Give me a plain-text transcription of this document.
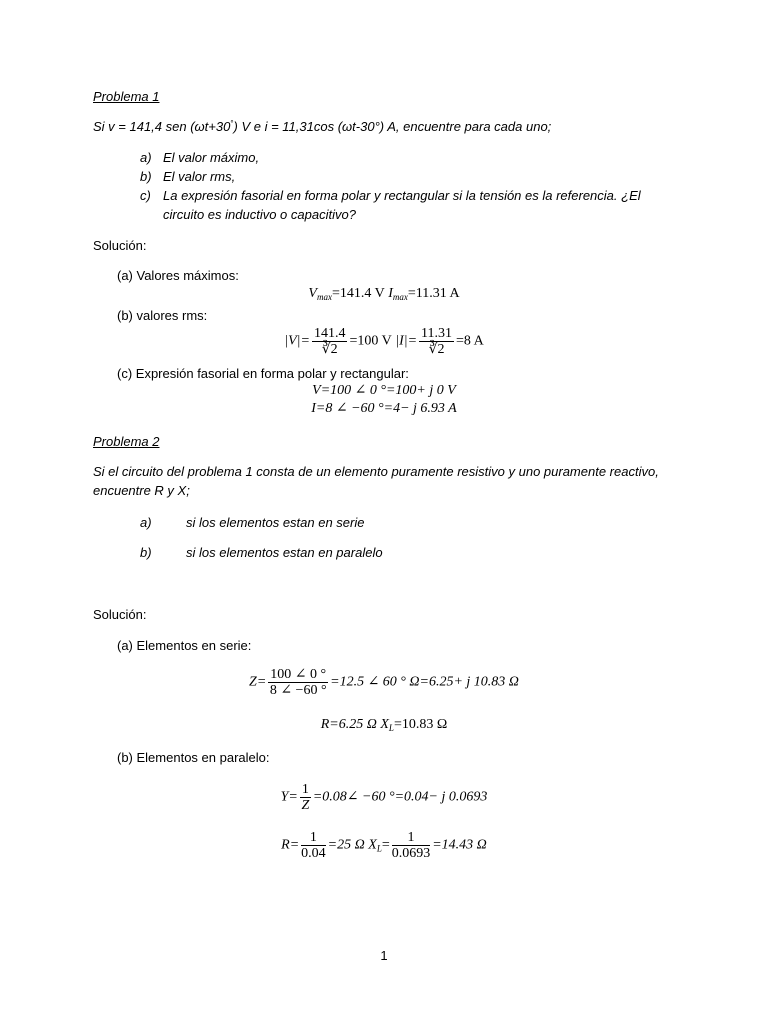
Problema 1
Si v = 141,4 sen (ωt+30°) V e i = 11,31cos (ωt-30°) A, encuentre para cada uno;
a) El valor máximo,
b) El valor rms,
c) La expresión fasorial en forma polar y rectangular si la tensión es la referencia. ¿El
circuito es inductivo o capacitivo?
Solución:
(a) Valores máximos:
$V_{max}=141.4$ V $I_{max}=11.31$ A
(b) valores rms:
$|V|= \frac{141.4}{∛2} =100$ V $|I|= \frac{11.31}{∛2} =8$ A
(c) Expresión fasorial en forma polar y rectangular:
V=100 ∠ 0 °=100+ j 0 V
I=8 ∠ −60 °=4− j 6.93 A
Problema 2
Si el circuito del problema 1 consta de un elemento puramente resistivo y uno puramente reactivo,
encuentre R y X;
a)	si los elementos estan en serie
b)	si los elementos estan en paralelo
Solución:
(a) Elementos en serie:
$Z= \frac{100 \angle 0 ^\circ}{8 \angle -60 ^\circ} =12.5$ ∠ 60 ° Ω=6.25+ j 10.83 Ω
R=6.25 Ω $X_L=10.83$ Ω
(b) Elementos en paralelo:
$Y= \frac{1}{Z}$ =0.08∠ −60 °=0.04− j 0.0693
$R= \frac{1}{0.04} =25$ Ω $X_L= \frac{1}{0.0693} =14.43$ Ω
1
